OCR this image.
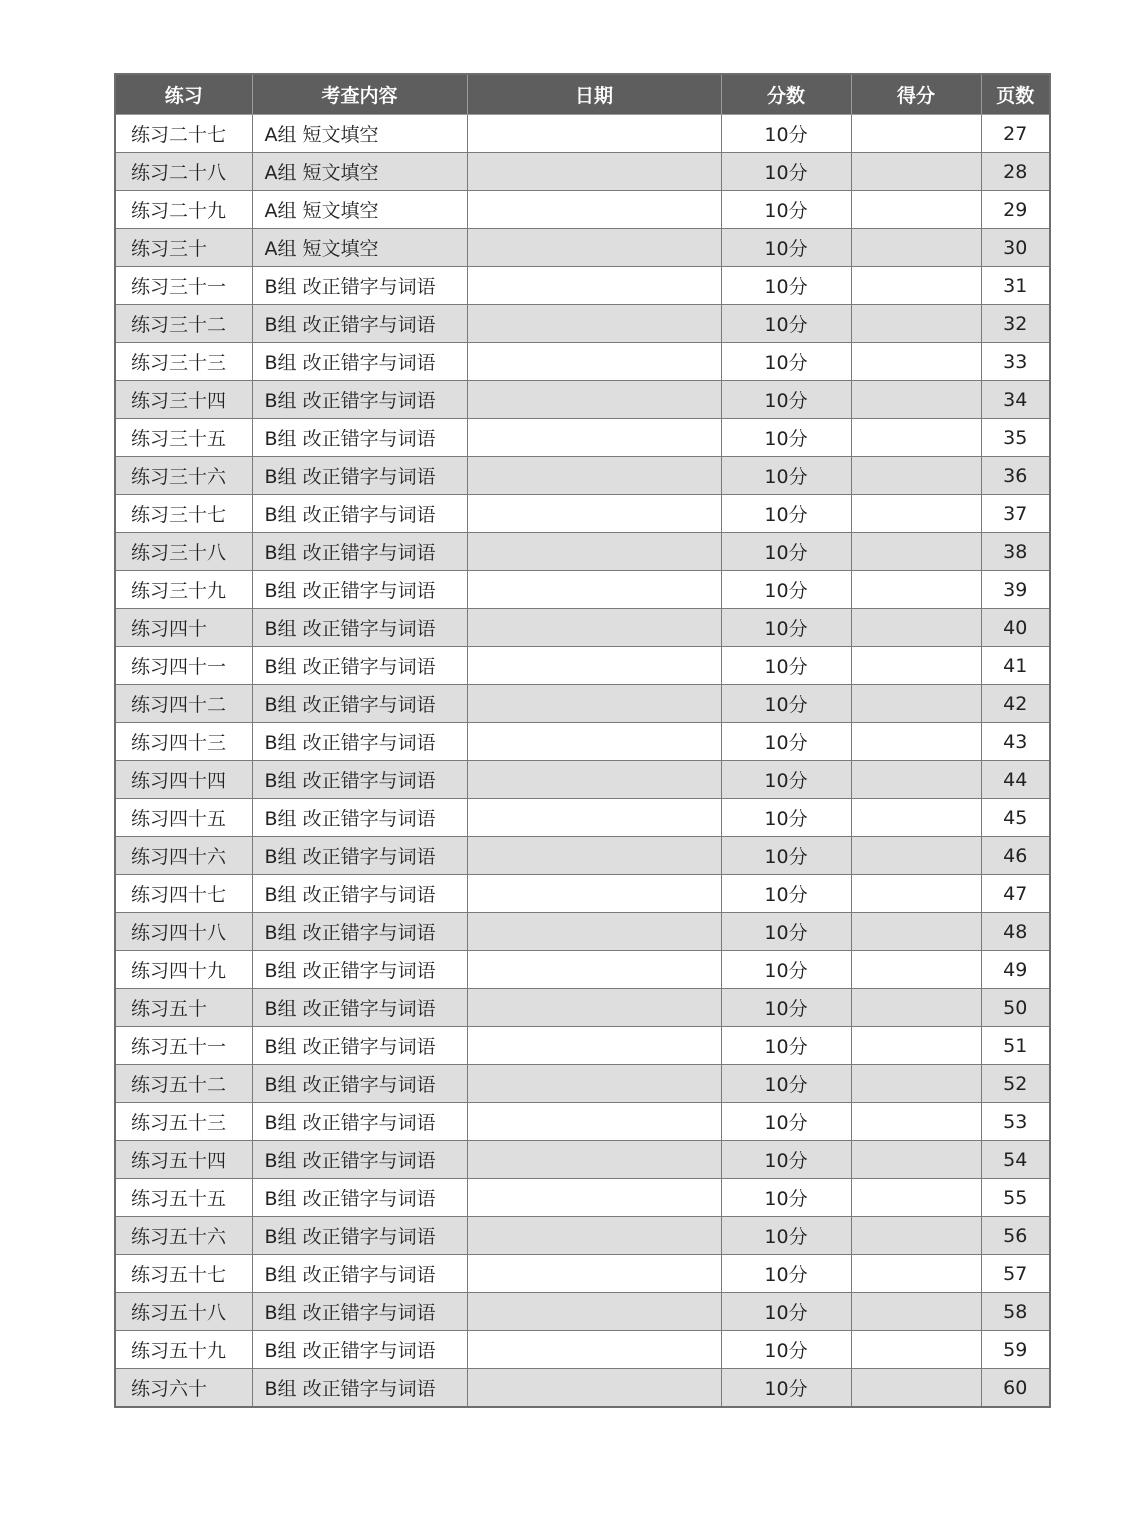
练习	考查内容	日期	分数	得分	页数
练习二十七	A组 短文填空		10分		27
练习二十八	A组 短文填空		10分		28
练习二十九	A组 短文填空		10分		29
练习三十	A组 短文填空		10分		30
练习三十一	B组 改正错字与词语		10分		31
练习三十二	B组 改正错字与词语		10分		32
练习三十三	B组 改正错字与词语		10分		33
练习三十四	B组 改正错字与词语		10分		34
练习三十五	B组 改正错字与词语		10分		35
练习三十六	B组 改正错字与词语		10分		36
练习三十七	B组 改正错字与词语		10分		37
练习三十八	B组 改正错字与词语		10分		38
练习三十九	B组 改正错字与词语		10分		39
练习四十	B组 改正错字与词语		10分		40
练习四十一	B组 改正错字与词语		10分		41
练习四十二	B组 改正错字与词语		10分		42
练习四十三	B组 改正错字与词语		10分		43
练习四十四	B组 改正错字与词语		10分		44
练习四十五	B组 改正错字与词语		10分		45
练习四十六	B组 改正错字与词语		10分		46
练习四十七	B组 改正错字与词语		10分		47
练习四十八	B组 改正错字与词语		10分		48
练习四十九	B组 改正错字与词语		10分		49
练习五十	B组 改正错字与词语		10分		50
练习五十一	B组 改正错字与词语		10分		51
练习五十二	B组 改正错字与词语		10分		52
练习五十三	B组 改正错字与词语		10分		53
练习五十四	B组 改正错字与词语		10分		54
练习五十五	B组 改正错字与词语		10分		55
练习五十六	B组 改正错字与词语		10分		56
练习五十七	B组 改正错字与词语		10分		57
练习五十八	B组 改正错字与词语		10分		58
练习五十九	B组 改正错字与词语		10分		59
练习六十	B组 改正错字与词语		10分		60
